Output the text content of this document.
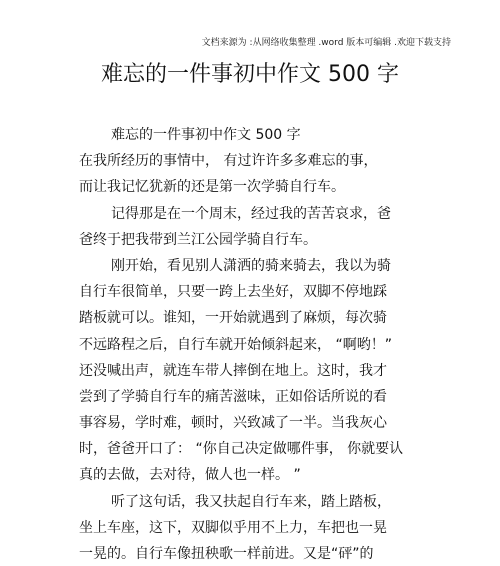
文档来源为 :从网络收集整理 .word 版本可编辑 .欢迎下载支持
难忘的一件事初中作文 500 字
难忘的一件事初中作文 500 字
在我所经历的事情中， 有过许许多多难忘的事，
而让我记忆犹新的还是第一次学骑自行车。
记得那是在一个周末，经过我的苦苦哀求，爸
爸终于把我带到兰江公园学骑自行车。
刚开始，看见别人潇洒的骑来骑去，我以为骑
自行车很简单，只要一跨上去坐好，双脚不停地踩
踏板就可以。谁知，一开始就遇到了麻烦，每次骑
不远路程之后，自行车就开始倾斜起来， “啊哟！”
还没喊出声，就连车带人摔倒在地上。这时，我才
尝到了学骑自行车的痛苦滋味，正如俗话所说的看
事容易，学时难，顿时，兴致减了一半。当我灰心
时，爸爸开口了： “你自己决定做哪件事， 你就要认
真的去做，去对待，做人也一样。 ”
听了这句话，我又扶起自行车来，踏上踏板，
坐上车座，这下，双脚似乎用不上力，车把也一晃
一晃的。自行车像扭秧歌一样前进。又是“砰”的
